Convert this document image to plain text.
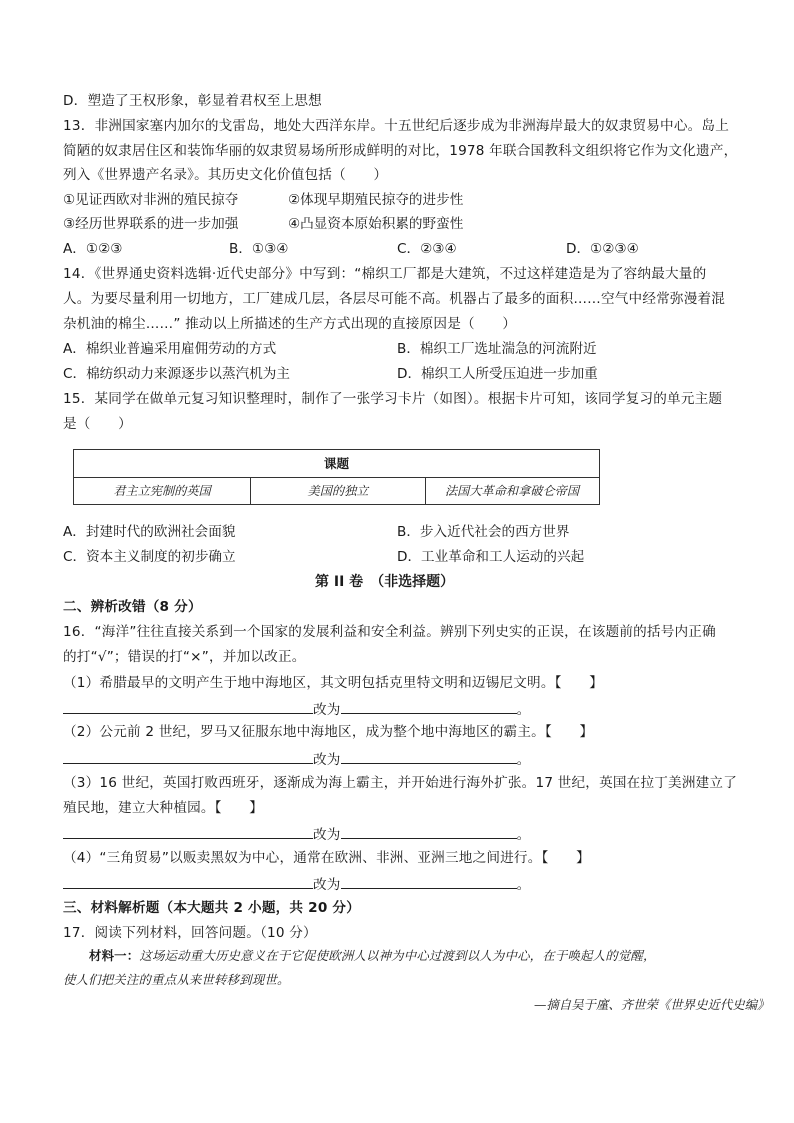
D．塑造了王权形象，彰显着君权至上思想
13．非洲国家塞内加尔的戈雷岛，地处大西洋东岸。十五世纪后逐步成为非洲海岸最大的奴隶贸易中心。岛上
简陋的奴隶居住区和装饰华丽的奴隶贸易场所形成鲜明的对比，1978 年联合国教科文组织将它作为文化遗产，
列入《世界遗产名录》。其历史文化价值包括（　　）
①见证西欧对非洲的殖民掠夺	②体现早期殖民掠夺的进步性
③经历世界联系的进一步加强	④凸显资本原始积累的野蛮性
A．①②③	B．①③④	C．②③④	D．①②③④
14．《世界通史资料选辑·近代史部分》中写到：“棉织工厂都是大建筑，不过这样建造是为了容纳最大量的
人。为要尽量利用一切地方，工厂建成几层，各层尽可能不高。机器占了最多的面积……空气中经常弥漫着混
杂机油的棉尘……” 推动以上所描述的生产方式出现的直接原因是（　　）
A．棉织业普遍采用雇佣劳动的方式	B．棉织工厂选址湍急的河流附近
C．棉纺织动力来源逐步以蒸汽机为主	D．棉织工人所受压迫进一步加重
15．某同学在做单元复习知识整理时，制作了一张学习卡片（如图）。根据卡片可知，该同学复习的单元主题
是（　　）
课题
君主立宪制的英国	美国的独立	法国大革命和拿破仑帝国
A．封建时代的欧洲社会面貌	B．步入近代社会的西方世界
C．资本主义制度的初步确立	D．工业革命和工人运动的兴起
第 II 卷　（非选择题）
二、辨析改错（8 分）
16．“海洋”往往直接关系到一个国家的发展利益和安全利益。辨别下列史实的正误，在该题前的括号内正确
的打“√”；错误的打“×”，并加以改正。
（1）希腊最早的文明产生于地中海地区，其文明包括克里特文明和迈锡尼文明。【　　】
改为	。
（2）公元前 2 世纪，罗马又征服东地中海地区，成为整个地中海地区的霸主。【　　】
改为	。
（3）16 世纪，英国打败西班牙，逐渐成为海上霸主，并开始进行海外扩张。17 世纪，英国在拉丁美洲建立了
殖民地，建立大种植园。【　　】
改为	。
（4）“三角贸易”以贩卖黑奴为中心，通常在欧洲、非洲、亚洲三地之间进行。【　　】
改为	。
三、材料解析题（本大题共 2 小题，共 20 分）
17．阅读下列材料，回答问题。（10 分）
材料一：这场运动重大历史意义在于它促使欧洲人以神为中心过渡到以人为中心，在于唤起人的觉醒，
使人们把关注的重点从来世转移到现世。
—摘自吴于廑、齐世荣《世界史近代史编》
